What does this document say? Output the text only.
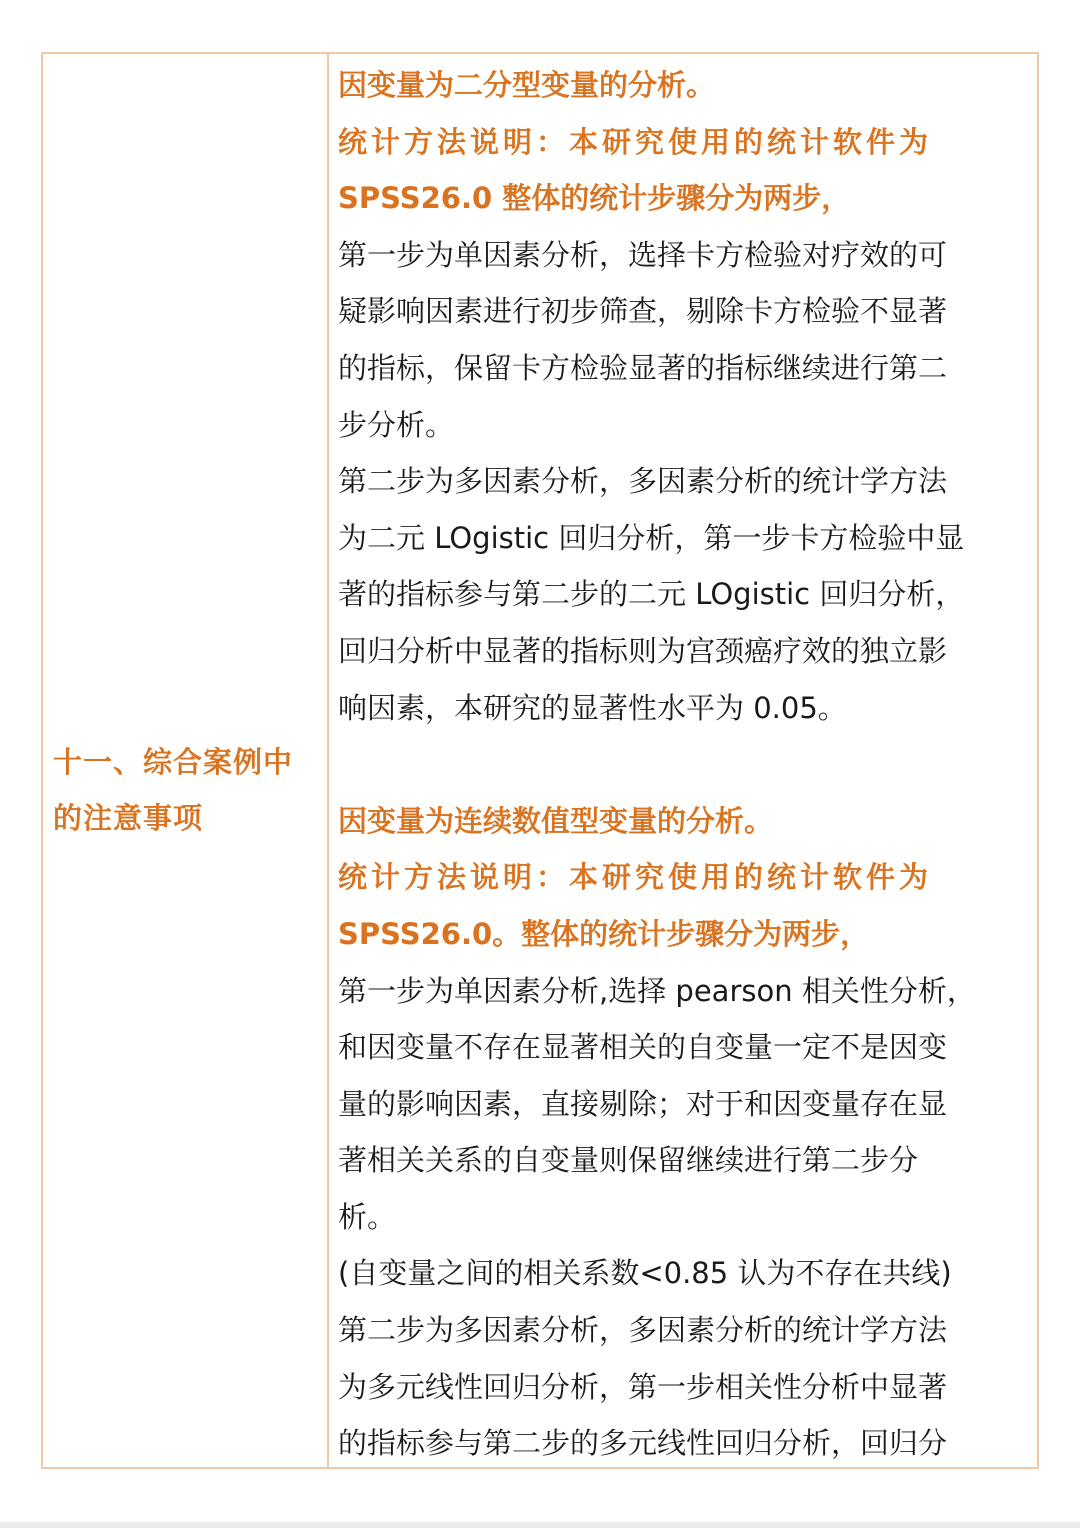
十一、综合案例中
的注意事项

因变量为二分型变量的分析。

统计方法说明：本研究使用的统计软件为

SPSS26.0 整体的统计步骤分为两步，

第一步为单因素分析，选择卡方检验对疗效的可

疑影响因素进行初步筛查，剔除卡方检验不显著

的指标，保留卡方检验显著的指标继续进行第二

步分析。

第二步为多因素分析，多因素分析的统计学方法

为二元 LOgistic 回归分析，第一步卡方检验中显

著的指标参与第二步的二元 LOgistic 回归分析，

回归分析中显著的指标则为宫颈癌疗效的独立影

响因素，本研究的显著性水平为 0.05。

因变量为连续数值型变量的分析。

统计方法说明：本研究使用的统计软件为

SPSS26.0。整体的统计步骤分为两步，

第一步为单因素分析,选择 pearson 相关性分析，

和因变量不存在显著相关的自变量一定不是因变

量的影响因素，直接剔除；对于和因变量存在显

著相关关系的自变量则保留继续进行第二步分

析。

(自变量之间的相关系数<0.85 认为不存在共线)

第二步为多因素分析，多因素分析的统计学方法

为多元线性回归分析，第一步相关性分析中显著

的指标参与第二步的多元线性回归分析，回归分
